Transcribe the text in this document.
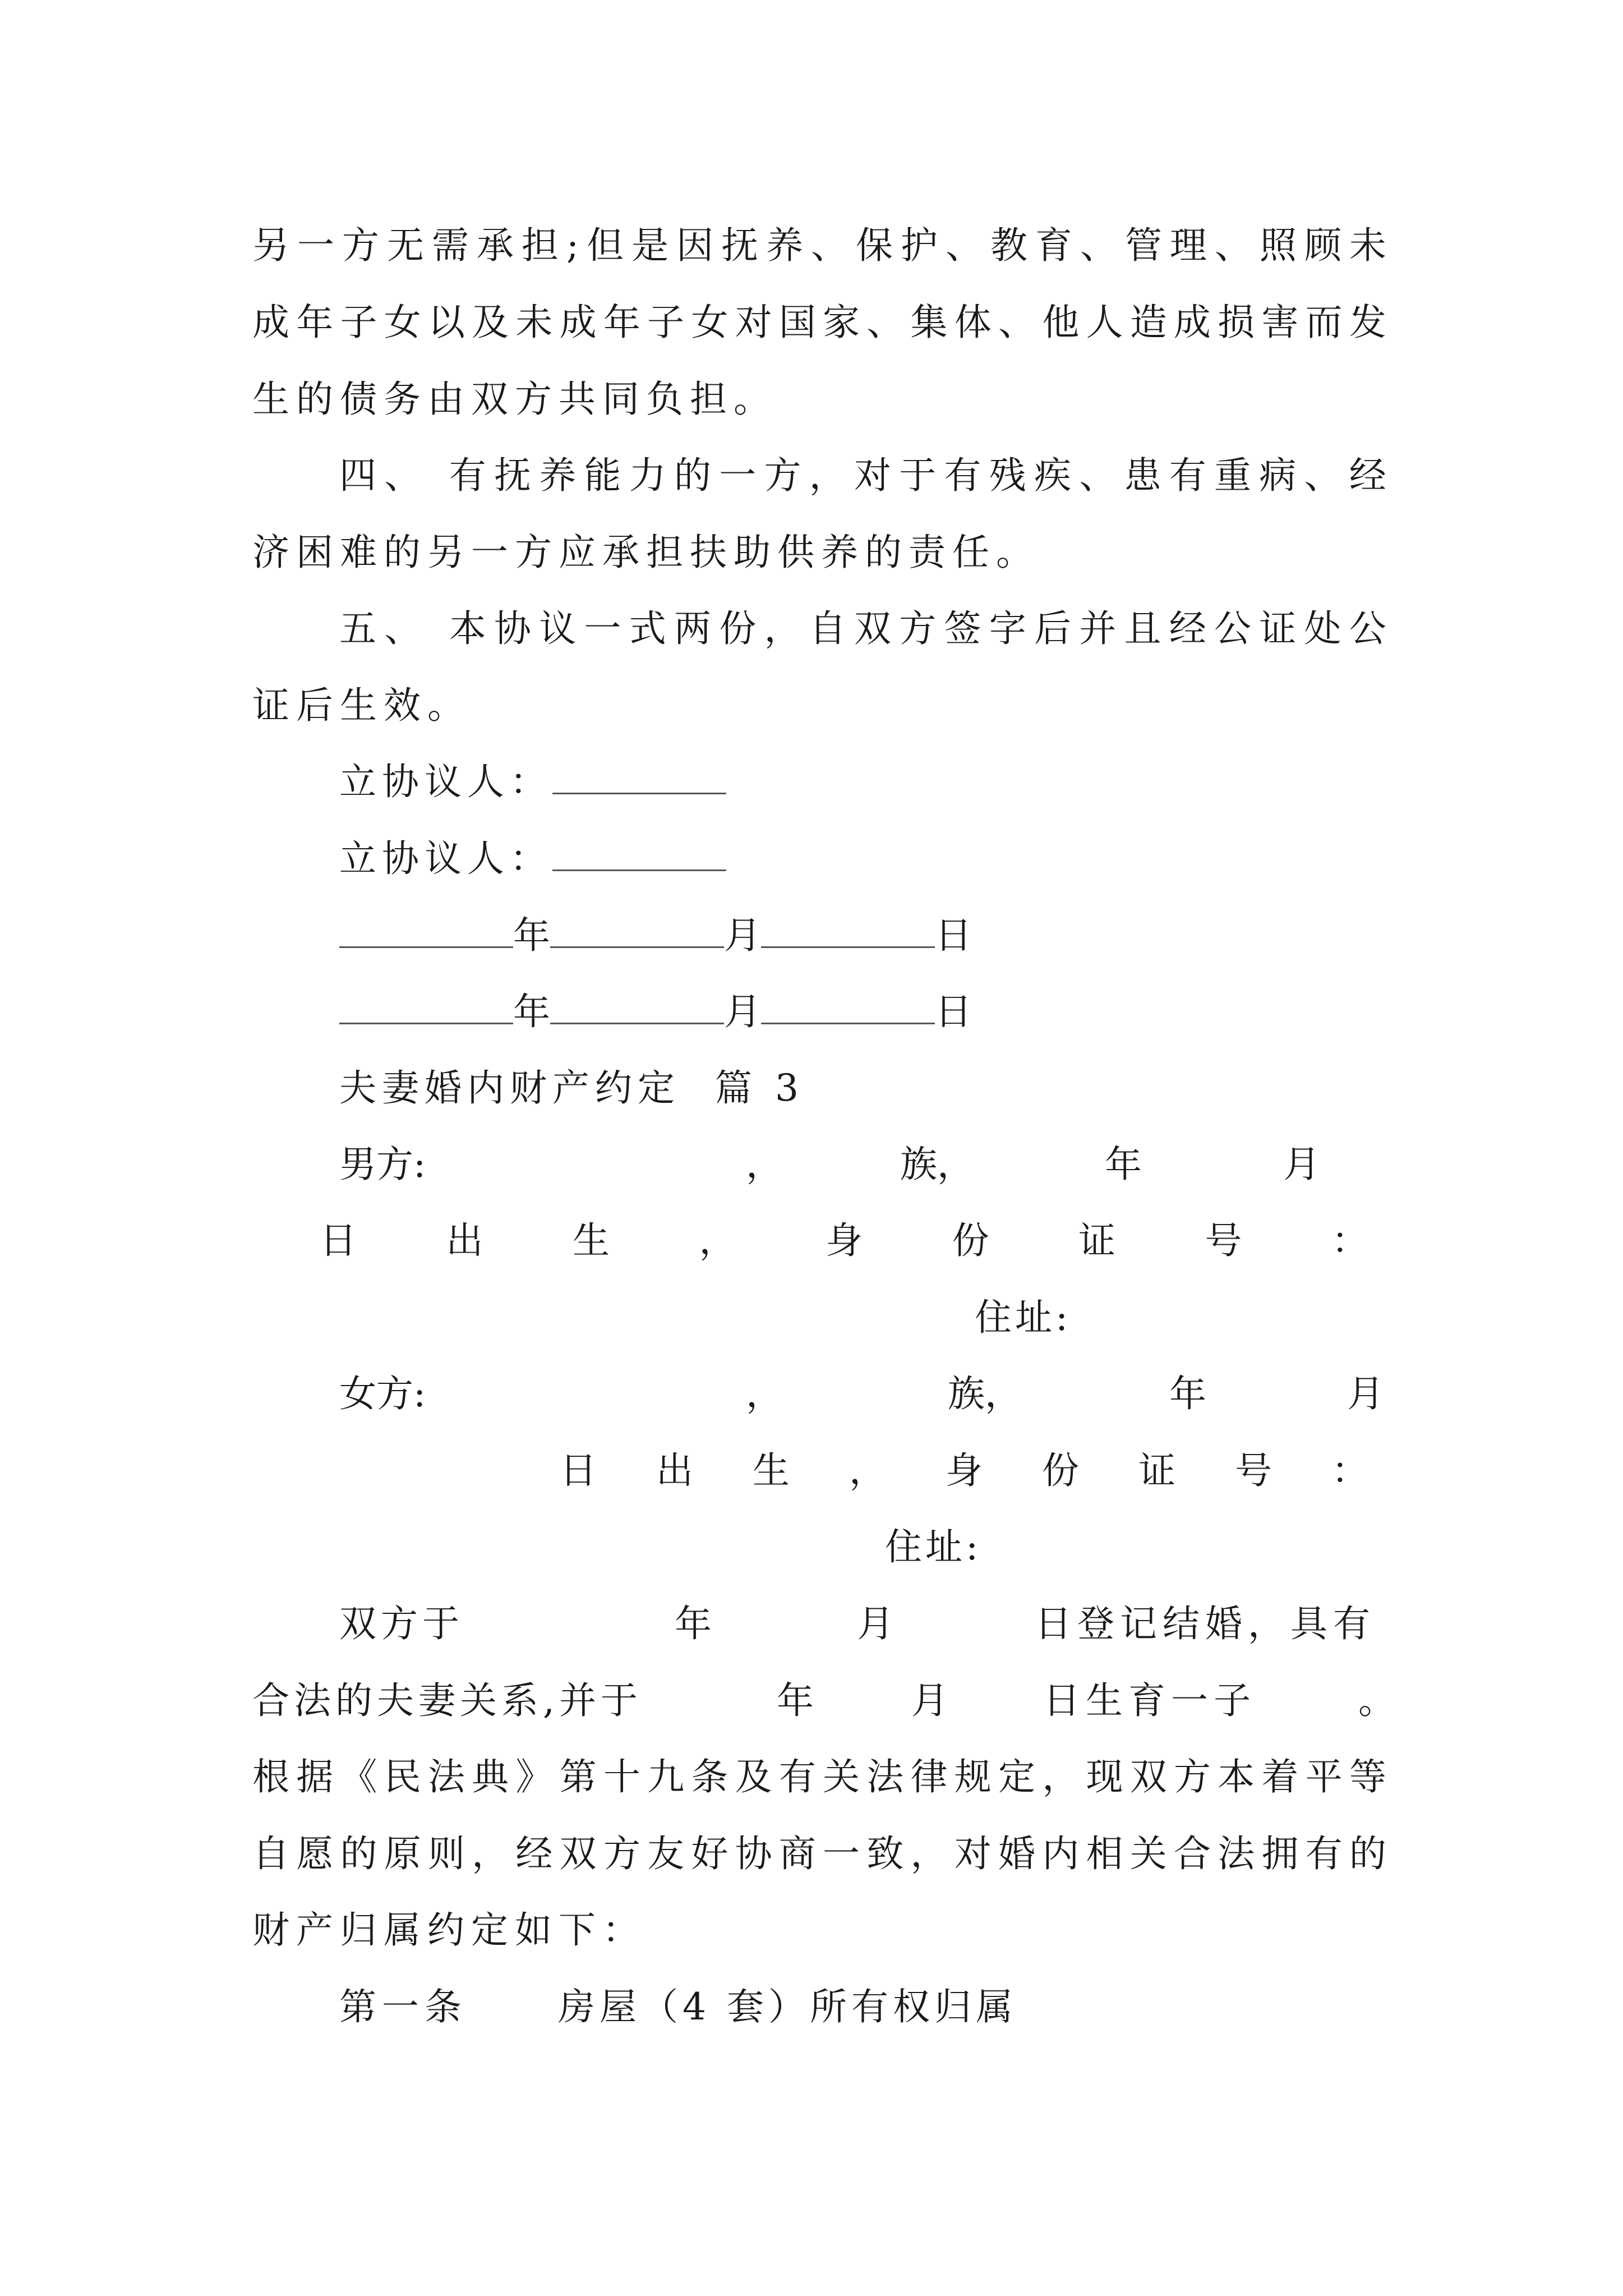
另 一 方 无 需 承 担 ; 但 是 因 抚 养 、 保 护 、 教 育 、 管 理 、 照 顾 未
成 年 子 女 以 及 未 成 年 子 女 对 国 家 、 集 体 、 他 人 造 成 损 害 而 发
生的债务由双方共同负担。
四 、
有 抚 养 能 力 的 一 方 ， 对 于 有 残 疾 、 患 有 重 病 、 经
济困难的另一方应承担扶助供养的责任。
五 、
本 协 议 一 式 两 份 ， 自 双 方 签 字 后 并 且 经 公 证 处 公
证后生效。
立协议人：
立协议人：
年	月	日
年	月	日
夫妻婚内财产约定  篇 3
男方:	，	族，	年	月
日 出 生 ， 身 份 证 号 ：
住址:
女方:	，	族，	年	月
日 出 生 ， 身 份 证 号 ：
住址:
双方于	年	月	日登记结婚，具有
合法的夫妻关系,并于	年	月	日生育一子	。
根 据 《 民 法 典 》 第 十 九 条 及 有 关 法 律 规 定 ， 现 双 方 本 着 平 等
自 愿 的 原 则 ， 经 双 方 友 好 协 商 一 致 ， 对 婚 内 相 关 合 法 拥 有 的
财产归属约定如下：
第一条 房屋（4 套）所有权归属
